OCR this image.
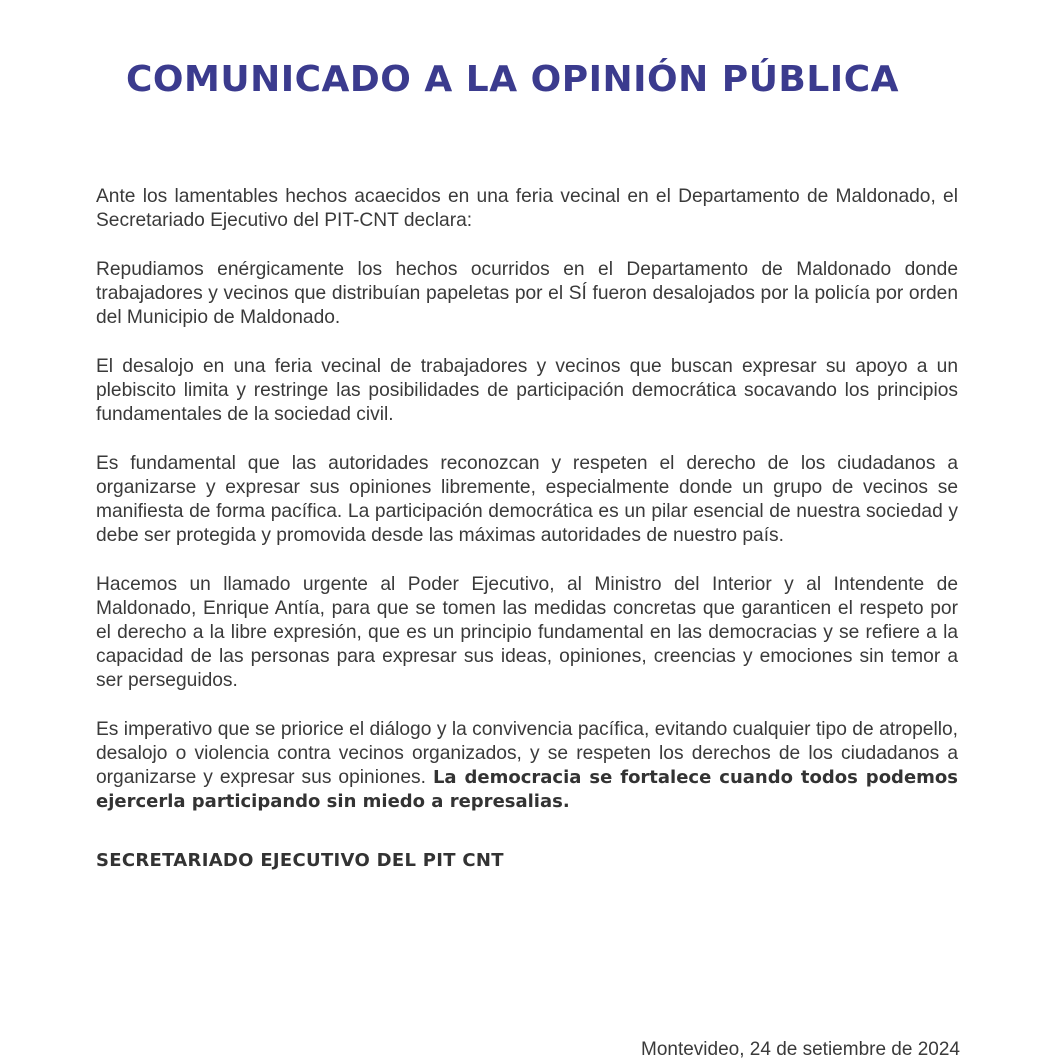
COMUNICADO A LA OPINIÓN PÚBLICA

Ante los lamentables hechos acaecidos en una feria vecinal en el Departamento de Maldonado, el Secretariado Ejecutivo del PIT-CNT declara:

Repudiamos enérgicamente los hechos ocurridos en el Departamento de Maldonado donde trabajadores y vecinos que distribuían papeletas por el SÍ fueron desalojados por la policía por orden del Municipio de Maldonado.

El desalojo en una feria vecinal de trabajadores y vecinos que buscan expresar su apoyo a un plebiscito limita y restringe las posibilidades de participación democrática socavando los principios fundamentales de la sociedad civil.

Es fundamental que las autoridades reconozcan y respeten el derecho de los ciudadanos a organizarse y expresar sus opiniones libremente, especialmente donde un grupo de vecinos se manifiesta de forma pacífica. La participación democrática es un pilar esencial de nuestra sociedad y debe ser protegida y promovida desde las máximas autoridades de nuestro país.

Hacemos un llamado urgente al Poder Ejecutivo, al Ministro del Interior y al Intendente de Maldonado, Enrique Antía, para que se tomen las medidas concretas que garanticen el respeto por el derecho a la libre expresión, que es un principio fundamental en las democracias y se refiere a la capacidad de las personas para expresar sus ideas, opiniones, creencias y emociones sin temor a ser perseguidos.

Es imperativo que se priorice el diálogo y la convivencia pacífica, evitando cualquier tipo de atropello, desalojo o violencia contra vecinos organizados, y se respeten los derechos de los ciudadanos a organizarse y expresar sus opiniones. La democracia se fortalece cuando todos podemos ejercerla participando sin miedo a represalias.

SECRETARIADO EJECUTIVO DEL PIT CNT

Montevideo, 24 de setiembre de 2024
